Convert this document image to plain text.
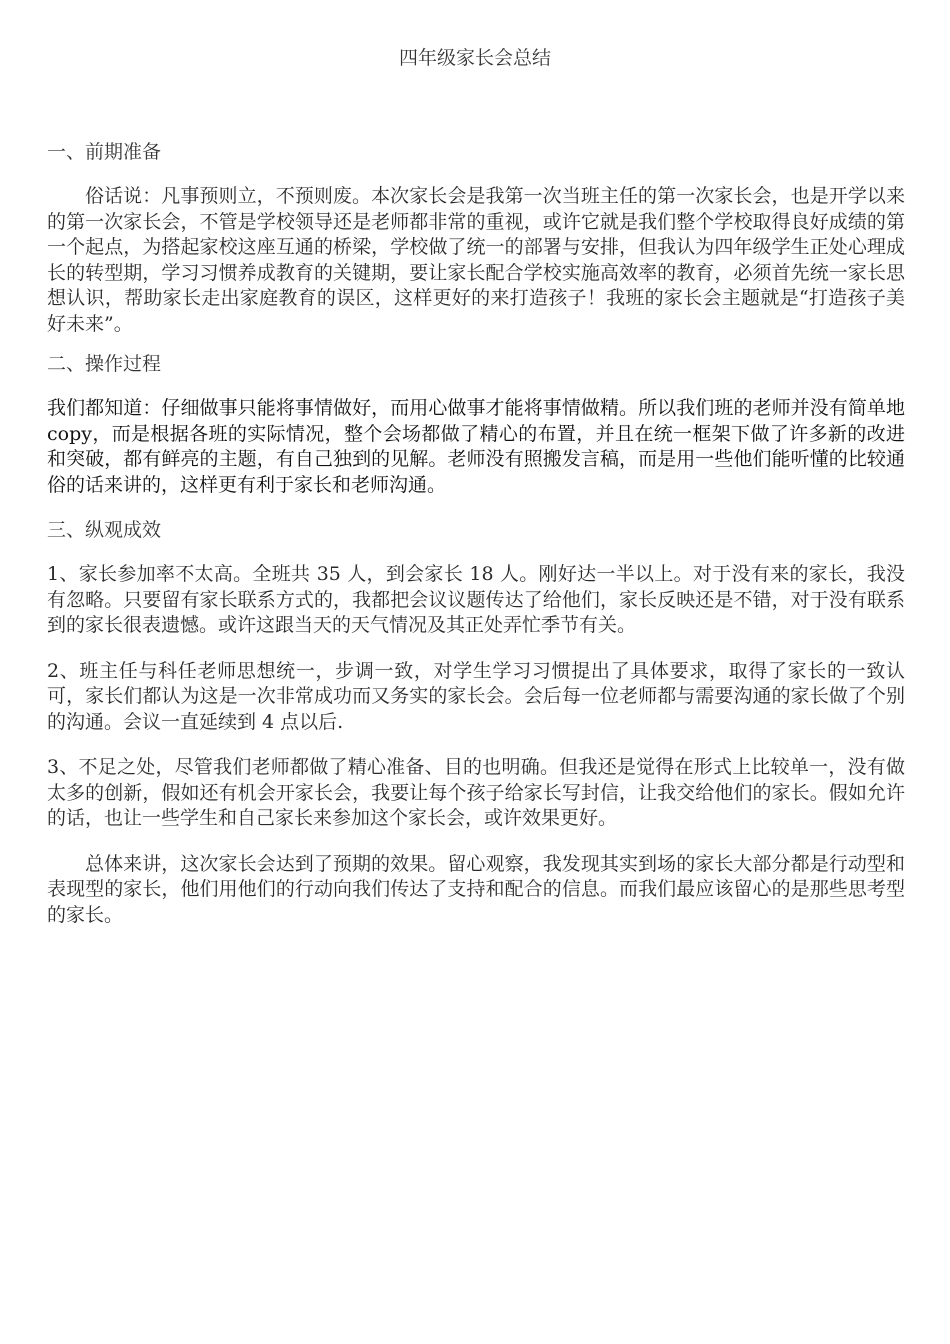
四年级家长会总结

一、前期准备

俗话说：凡事预则立，不预则废。本次家长会是我第一次当班主任的第一次家长会，也是开学以来的第一次家长会，不管是学校领导还是老师都非常的重视，或许它就是我们整个学校取得良好成绩的第一个起点，为搭起家校这座互通的桥梁，学校做了统一的部署与安排，但我认为四年级学生正处心理成长的转型期，学习习惯养成教育的关键期，要让家长配合学校实施高效率的教育，必须首先统一家长思想认识，帮助家长走出家庭教育的误区，这样更好的来打造孩子！我班的家长会主题就是“打造孩子美好未来”。

二、操作过程

我们都知道：仔细做事只能将事情做好，而用心做事才能将事情做精。所以我们班的老师并没有简单地 copy，而是根据各班的实际情况，整个会场都做了精心的布置，并且在统一框架下做了许多新的改进和突破，都有鲜亮的主题，有自己独到的见解。老师没有照搬发言稿，而是用一些他们能听懂的比较通俗的话来讲的，这样更有利于家长和老师沟通。

三、纵观成效

1、家长参加率不太高。全班共 35 人，到会家长 18 人。刚好达一半以上。对于没有来的家长，我没有忽略。只要留有家长联系方式的，我都把会议议题传达了给他们，家长反映还是不错，对于没有联系到的家长很表遗憾。或许这跟当天的天气情况及其正处弄忙季节有关。

2、班主任与科任老师思想统一，步调一致，对学生学习习惯提出了具体要求，取得了家长的一致认可，家长们都认为这是一次非常成功而又务实的家长会。会后每一位老师都与需要沟通的家长做了个别的沟通。会议一直延续到 4 点以后.

3、不足之处，尽管我们老师都做了精心准备、目的也明确。但我还是觉得在形式上比较单一，没有做太多的创新，假如还有机会开家长会，我要让每个孩子给家长写封信，让我交给他们的家长。假如允许的话，也让一些学生和自己家长来参加这个家长会，或许效果更好。

总体来讲，这次家长会达到了预期的效果。留心观察，我发现其实到场的家长大部分都是行动型和表现型的家长，他们用他们的行动向我们传达了支持和配合的信息。而我们最应该留心的是那些思考型的家长。
